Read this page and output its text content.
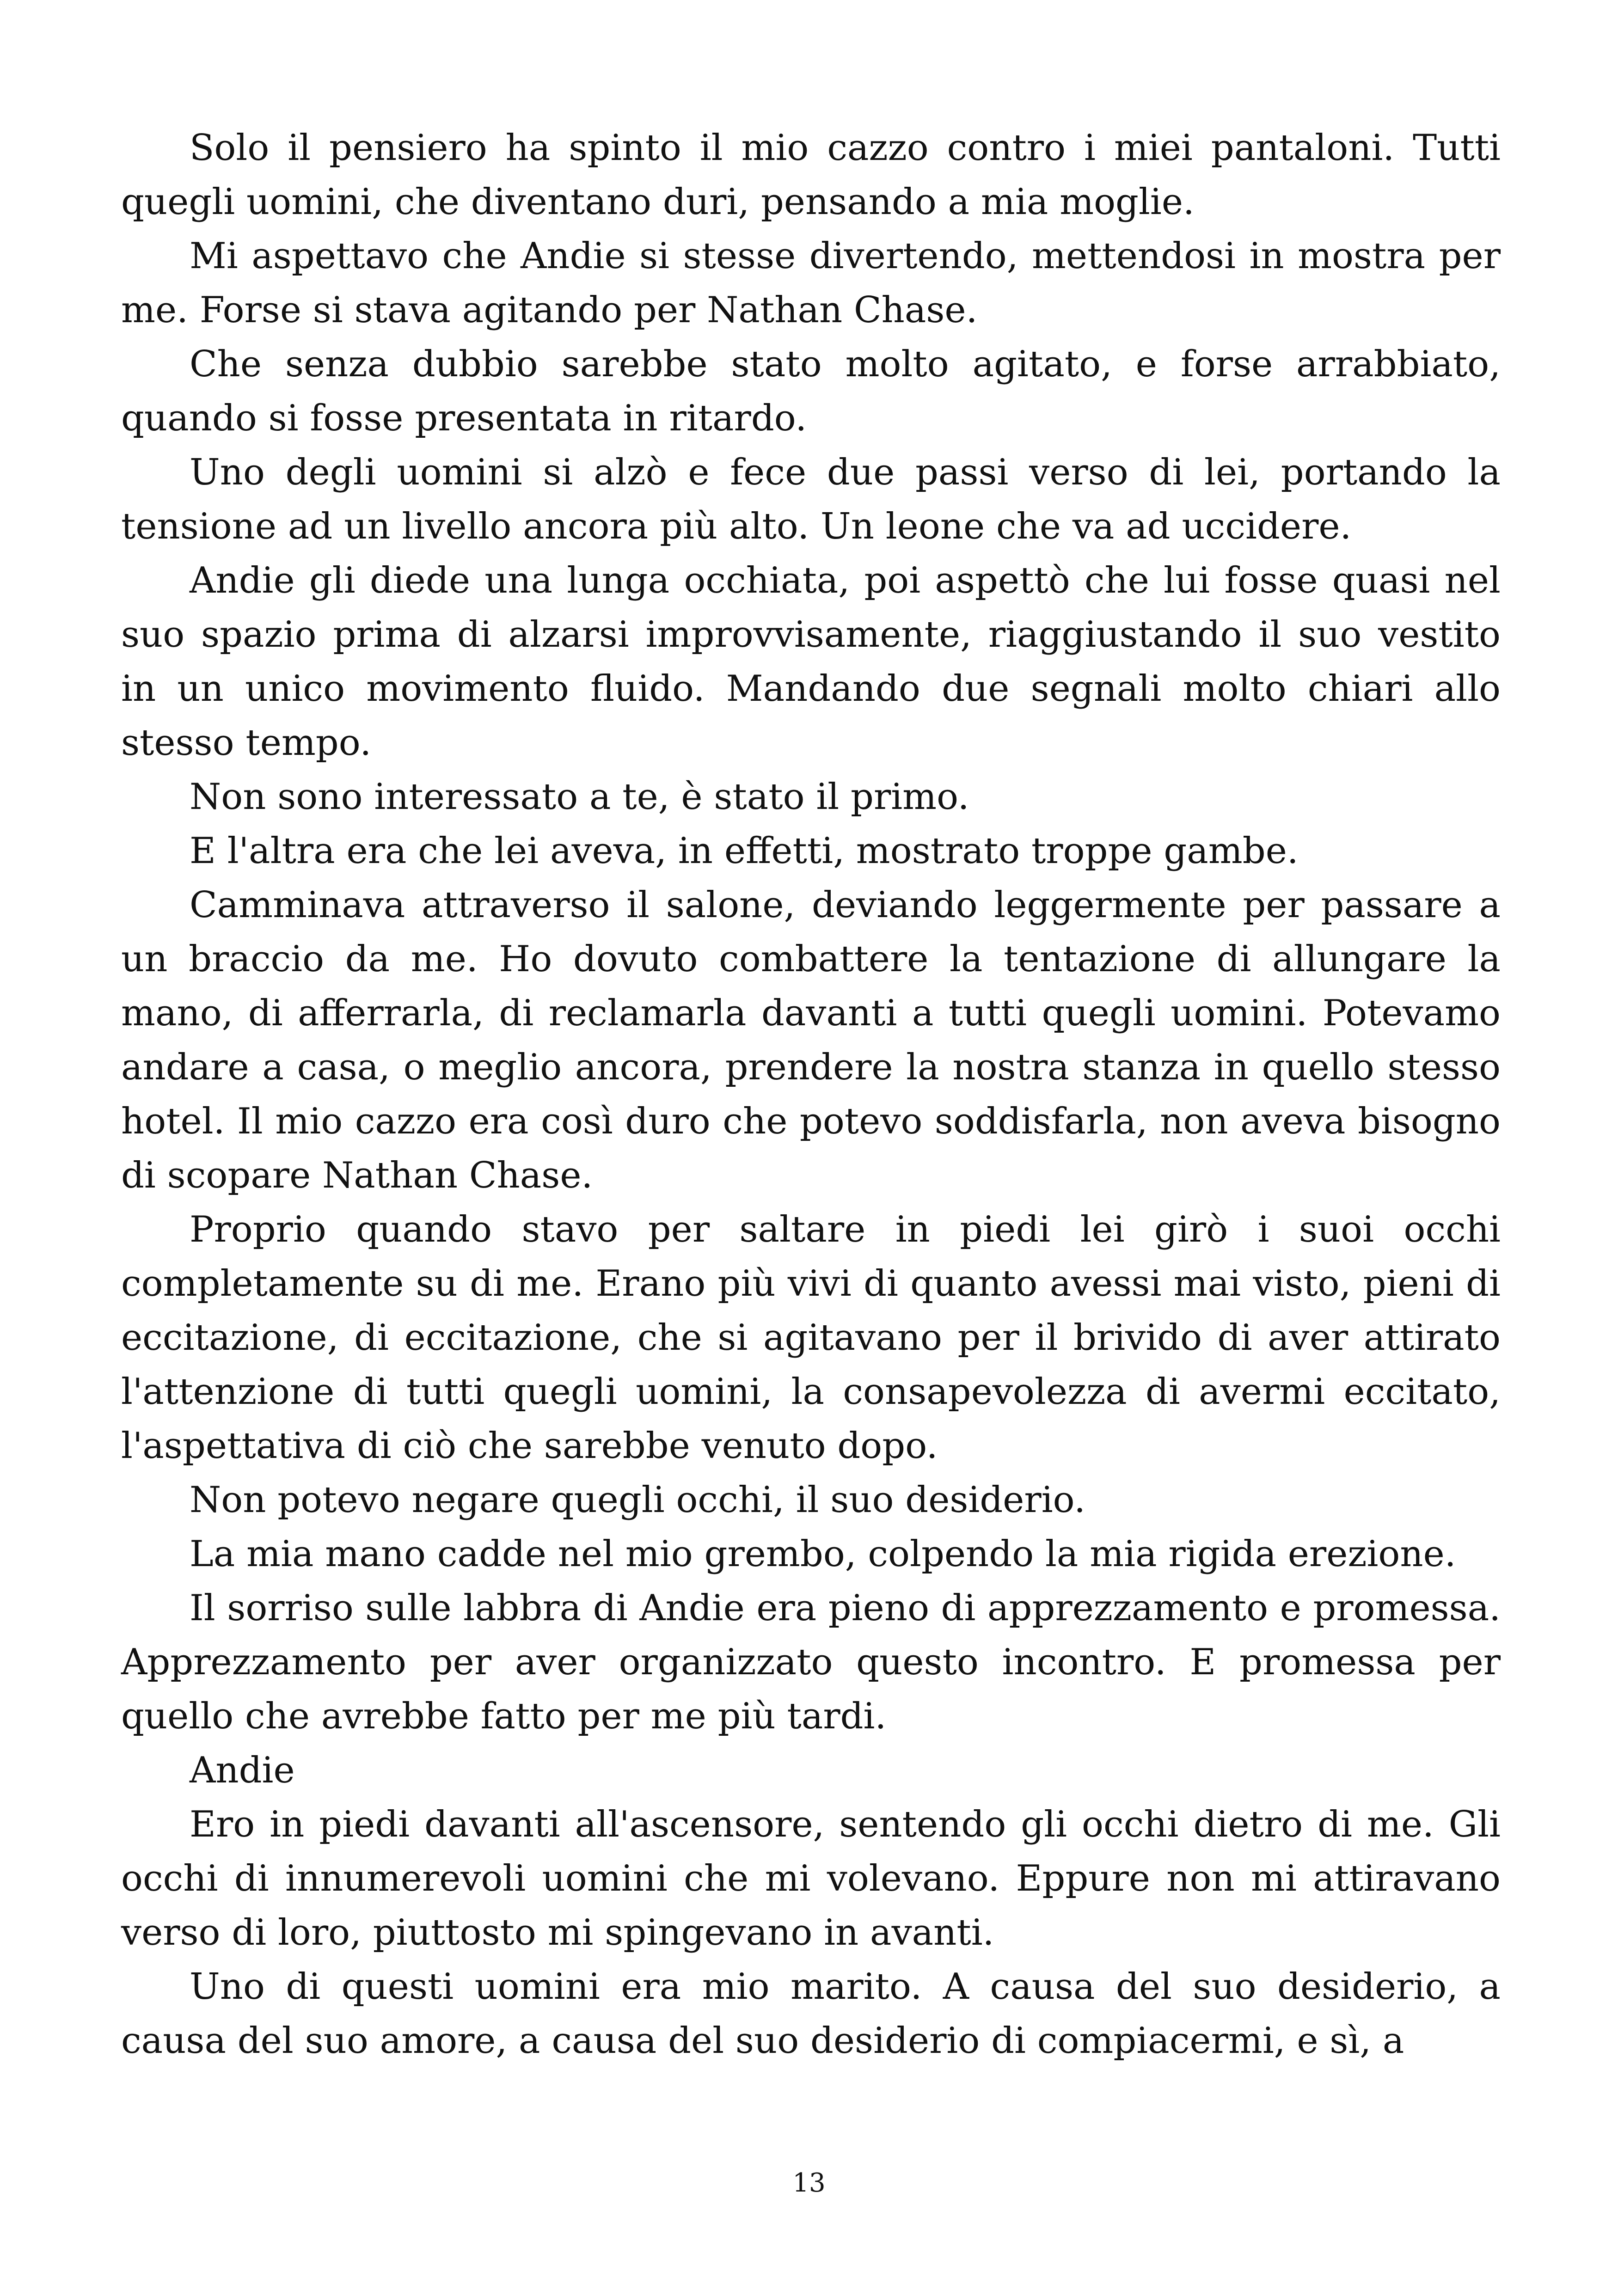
Solo il pensiero ha spinto il mio cazzo contro i miei pantaloni. Tutti quegli uomini, che diventano duri, pensando a mia moglie.

Mi aspettavo che Andie si stesse divertendo, mettendosi in mostra per me. Forse si stava agitando per Nathan Chase.

Che senza dubbio sarebbe stato molto agitato, e forse arrabbiato, quando si fosse presentata in ritardo.

Uno degli uomini si alzò e fece due passi verso di lei, portando la tensione ad un livello ancora più alto. Un leone che va ad uccidere.

Andie gli diede una lunga occhiata, poi aspettò che lui fosse quasi nel suo spazio prima di alzarsi improvvisamente, riaggiustando il suo vestito in un unico movimento fluido. Mandando due segnali molto chiari allo stesso tempo.

Non sono interessato a te, è stato il primo.

E l'altra era che lei aveva, in effetti, mostrato troppe gambe.

Camminava attraverso il salone, deviando leggermente per passare a un braccio da me. Ho dovuto combattere la tentazione di allungare la mano, di afferrarla, di reclamarla davanti a tutti quegli uomini. Potevamo andare a casa, o meglio ancora, prendere la nostra stanza in quello stesso hotel. Il mio cazzo era così duro che potevo soddisfarla, non aveva bisogno di scopare Nathan Chase.

Proprio quando stavo per saltare in piedi lei girò i suoi occhi completamente su di me. Erano più vivi di quanto avessi mai visto, pieni di eccitazione, di eccitazione, che si agitavano per il brivido di aver attirato l'attenzione di tutti quegli uomini, la consapevolezza di avermi eccitato, l'aspettativa di ciò che sarebbe venuto dopo.

Non potevo negare quegli occhi, il suo desiderio.

La mia mano cadde nel mio grembo, colpendo la mia rigida erezione.

Il sorriso sulle labbra di Andie era pieno di apprezzamento e promessa. Apprezzamento per aver organizzato questo incontro. E promessa per quello che avrebbe fatto per me più tardi.

Andie

Ero in piedi davanti all'ascensore, sentendo gli occhi dietro di me. Gli occhi di innumerevoli uomini che mi volevano. Eppure non mi attiravano verso di loro, piuttosto mi spingevano in avanti.

Uno di questi uomini era mio marito. A causa del suo desiderio, a causa del suo amore, a causa del suo desiderio di compiacermi, e sì, a

13
